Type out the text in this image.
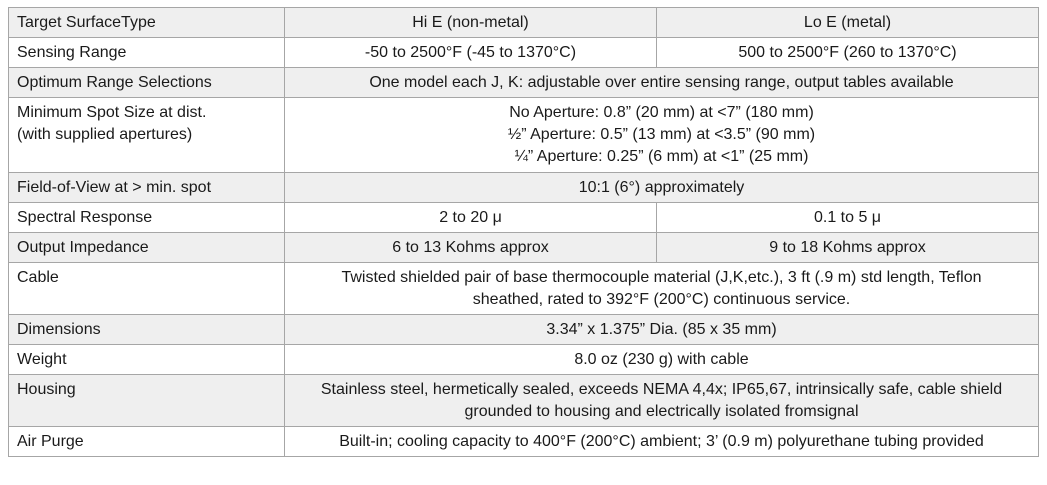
Target SurfaceType	Hi E (non-metal)	Lo E (metal)
Sensing Range	-50 to 2500°F (-45 to 1370°C)	500 to 2500°F (260 to 1370°C)
Optimum Range Selections	One model each J, K: adjustable over entire sensing range, output tables available	

Minimum Spot Size at dist.
(with supplied apertures)	No Aperture: 0.8” (20 mm) at <7” (180 mm)
½” Aperture: 0.5” (13 mm) at <3.5” (90 mm)
¼” Aperture: 0.25” (6 mm) at <1” (25 mm)	

Field-of-View at > min. spot	10:1 (6°) approximately	
Spectral Response	2 to 20 μ	0.1 to 5 μ
Output Impedance	6 to 13 Kohms approx	9 to 18 Kohms approx
Cable	Twisted shielded pair of base thermocouple material (J,K,etc.), 3 ft (.9 m) std length, Teflon
sheathed, rated to 392°F (200°C) continuous service.	

Dimensions	3.34” x 1.375” Dia. (85 x 35 mm)	
Weight	8.0 oz (230 g) with cable	
Housing	Stainless steel, hermetically sealed, exceeds NEMA 4,4x; IP65,67, intrinsically safe, cable shield
grounded to housing and electrically isolated fromsignal	

Air Purge	Built-in; cooling capacity to 400°F (200°C) ambient; 3’ (0.9 m) polyurethane tubing provided	
